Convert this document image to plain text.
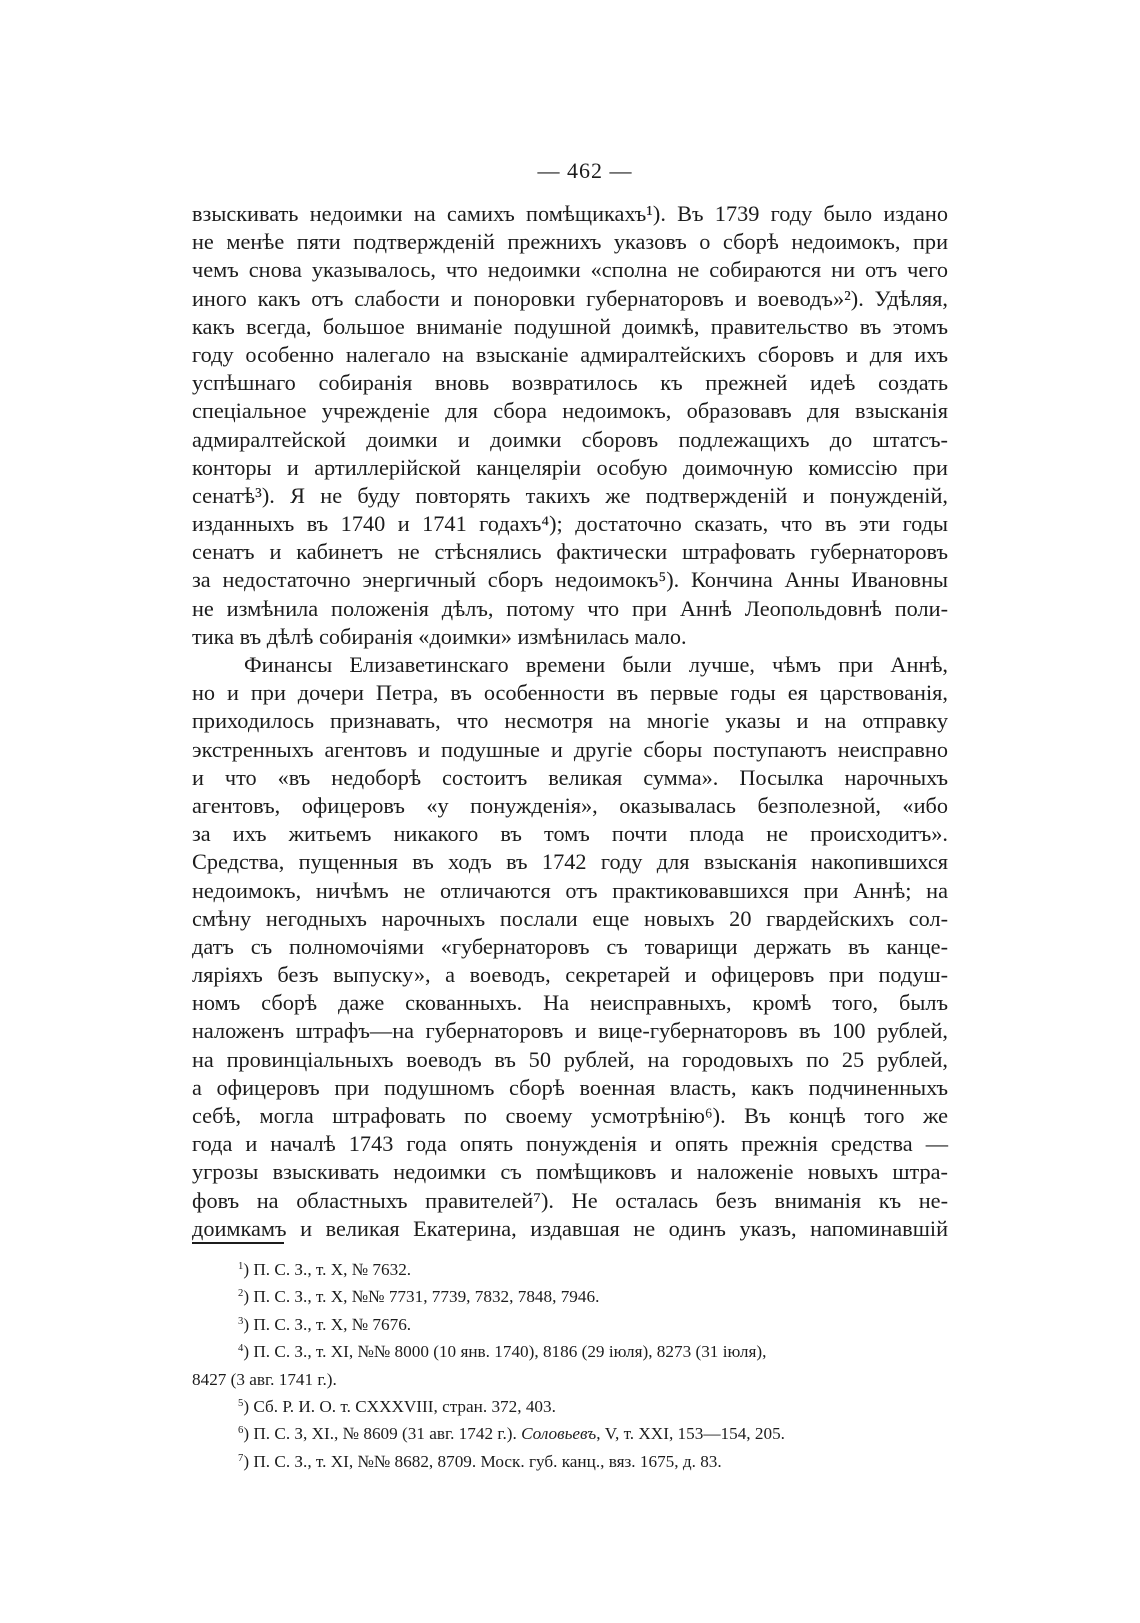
— 462 —
взыскивать недоимки на самихъ помѣщикахъ¹). Въ 1739 году было издано
не менѣе пяти подтвержденій прежнихъ указовъ о сборѣ недоимокъ, при
чемъ снова указывалось, что недоимки «сполна не собираются ни отъ чего
иного какъ отъ слабости и понорoвки губернаторовъ и воеводъ»²). Удѣляя,
какъ всегда, большое вниманіе подушной доимкѣ, правительство въ этомъ
году особенно налегало на взысканіе адмиралтейскихъ сборовъ и для ихъ
успѣшнаго собиранія вновь возвратилось къ прежней идеѣ создать
спеціальное учрежденіе для сбора недоимокъ, образовавъ для взысканія
адмиралтейской доимки и доимки сборовъ подлежащихъ до штатсъ-
конторы и артиллерійской канцеляріи особую доимочную комиссію при
сенатѣ³). Я не буду повторять такихъ же подтвержденій и понужденій,
изданныхъ въ 1740 и 1741 годахъ⁴); достаточно сказать, что въ эти годы
сенатъ и кабинетъ не стѣснялись фактически штрафовать губернаторовъ
за недостаточно энергичный сборъ недоимокъ⁵). Кончина Анны Ивановны
не измѣнила положенія дѣлъ, потому что при Аннѣ Леопольдовнѣ поли-
тика въ дѣлѣ собиранія «доимки» измѣнилась мало.
Финансы Елизаветинскаго времени были лучше, чѣмъ при Аннѣ,
но и при дочери Петра, въ особенности въ первые годы ея царствованія,
приходилось признавать, что несмотря на многіе указы и на отправку
экстренныхъ агентовъ и подушные и другіе сборы поступаютъ неисправно
и что «въ недоборѣ состоитъ великая сумма». Посылка нарочныхъ
агентовъ, офицеровъ «у понужденія», оказывалась безполезной, «ибо
за ихъ житьемъ никакого въ томъ почти плода не происходитъ».
Средства, пущенныя въ ходъ въ 1742 году для взысканія накопившихся
недоимокъ, ничѣмъ не отличаются отъ практиковавшихся при Аннѣ; на
смѣну негодныхъ нарочныхъ послали еще новыхъ 20 гвардейскихъ сол-
датъ съ полномочіями «губернаторовъ съ товарищи держать въ канце-
ляріяхъ безъ выпуску», а воеводъ, секретарей и офицеровъ при подуш-
номъ сборѣ даже скованныхъ. На неисправныхъ, кромѣ того, былъ
наложенъ штрафъ—на губернаторовъ и вице-губернаторовъ въ 100 рублей,
на провинціальныхъ воеводъ въ 50 рублей, на городовыхъ по 25 рублей,
а офицеровъ при подушномъ сборѣ военная власть, какъ подчиненныхъ
себѣ, могла штрафовать по своему усмотрѣнію⁶). Въ концѣ того же
года и началѣ 1743 года опять понужденія и опять прежнія средства —
угрозы взыскивать недоимки съ помѣщиковъ и наложеніе новыхъ штра-
фовъ на областныхъ правителей⁷). Не осталась безъ вниманія къ не-
доимкамъ и великая Екатерина, издавшая не одинъ указъ, напоминавшій
$^1$) П. С. З., т. X, № 7632.
$^2$) П. С. З., т. X, №№ 7731, 7739, 7832, 7848, 7946.
$^3$) П. С. З., т. X, № 7676.
$^4$) П. С. З., т. XI, №№ 8000 (10 янв. 1740), 8186 (29 іюля), 8273 (31 іюля),
8427 (3 авг. 1741 г.).
$^5$) Сб. Р. И. О. т. CXXXVIII, стран. 372, 403.
$^6$) П. С. З, XI., № 8609 (31 авг. 1742 г.). Соловьевъ, V, т. XXI, 153—154, 205.
$^7$) П. С. З., т. XI, №№ 8682, 8709. Моск. губ. канц., вяз. 1675, д. 83.
